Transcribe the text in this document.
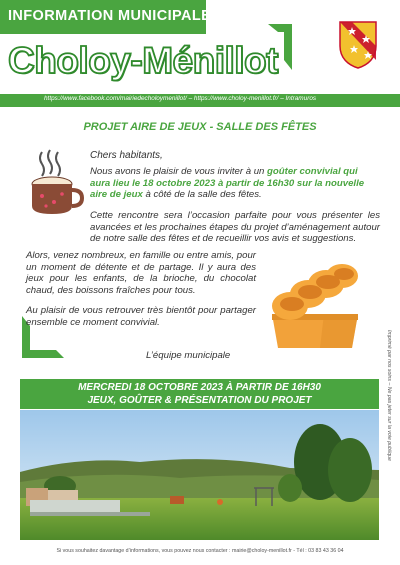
INFORMATION MUNICIPALE
Choloy-Ménillot
https://www.facebook.com/mairiedecholoymenillot/ – https://www.choloy-menillot.fr/ – Intramuros
PROJET AIRE DE JEUX - SALLE DES FÊTES
Chers habitants,
Nous avons le plaisir de vous inviter à un goûter convivial qui aura lieu le 18 octobre 2023 à partir de 16h30 sur la nouvelle aire de jeux à côté de la salle des fêtes.
Cette rencontre sera l’occasion parfaite pour vous présenter les avancées et les prochaines étapes du projet d’aménagement autour de notre salle des fêtes et de recueillir vos avis et suggestions.
Alors, venez nombreux, en famille ou entre amis, pour un moment de détente et de partage. Il y aura des jeux pour les enfants, de la brioche, du chocolat chaud, des boissons fraîches pour tous.
Au plaisir de vous retrouver très bientôt pour partager ensemble ce moment convivial.
L’équipe municipale	Imprimé par nos soins – Ne pas jeter sur la voie publique
MERCREDI 18 OCTOBRE 2023 À PARTIR DE 16H30
JEUX, GOÛTER & PRÉSENTATION DU PROJET
Si vous souhaitez davantage d’informations, vous pouvez nous contacter : mairie@choloy-menillot.fr - Tél : 03 83 43 36 04
